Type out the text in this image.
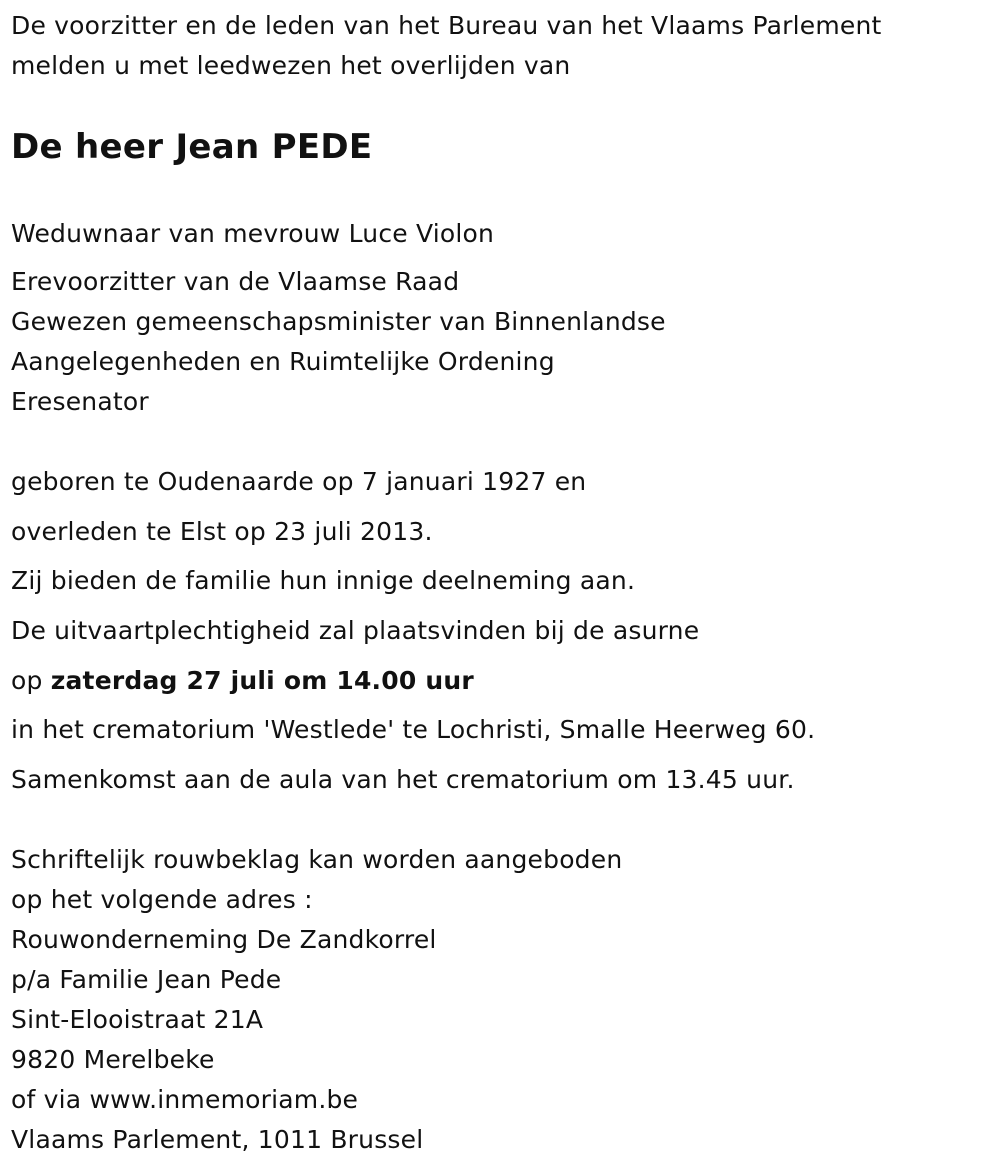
De voorzitter en de leden van het Bureau van het Vlaams Parlement
melden u met leedwezen het overlijden van
De heer Jean PEDE
Weduwnaar van mevrouw Luce Violon
Erevoorzitter van de Vlaamse Raad
Gewezen gemeenschapsminister van Binnenlandse
Aangelegenheden en Ruimtelijke Ordening
Eresenator
geboren te Oudenaarde op 7 januari 1927 en
overleden te Elst op 23 juli 2013.
Zij bieden de familie hun innige deelneming aan.
De uitvaartplechtigheid zal plaatsvinden bij de asurne
op zaterdag 27 juli om 14.00 uur
in het crematorium 'Westlede' te Lochristi, Smalle Heerweg 60.
Samenkomst aan de aula van het crematorium om 13.45 uur.
Schriftelijk rouwbeklag kan worden aangeboden
op het volgende adres :
Rouwonderneming De Zandkorrel
p/a Familie Jean Pede
Sint-Elooistraat 21A
9820 Merelbeke
of via www.inmemoriam.be
Vlaams Parlement, 1011 Brussel
